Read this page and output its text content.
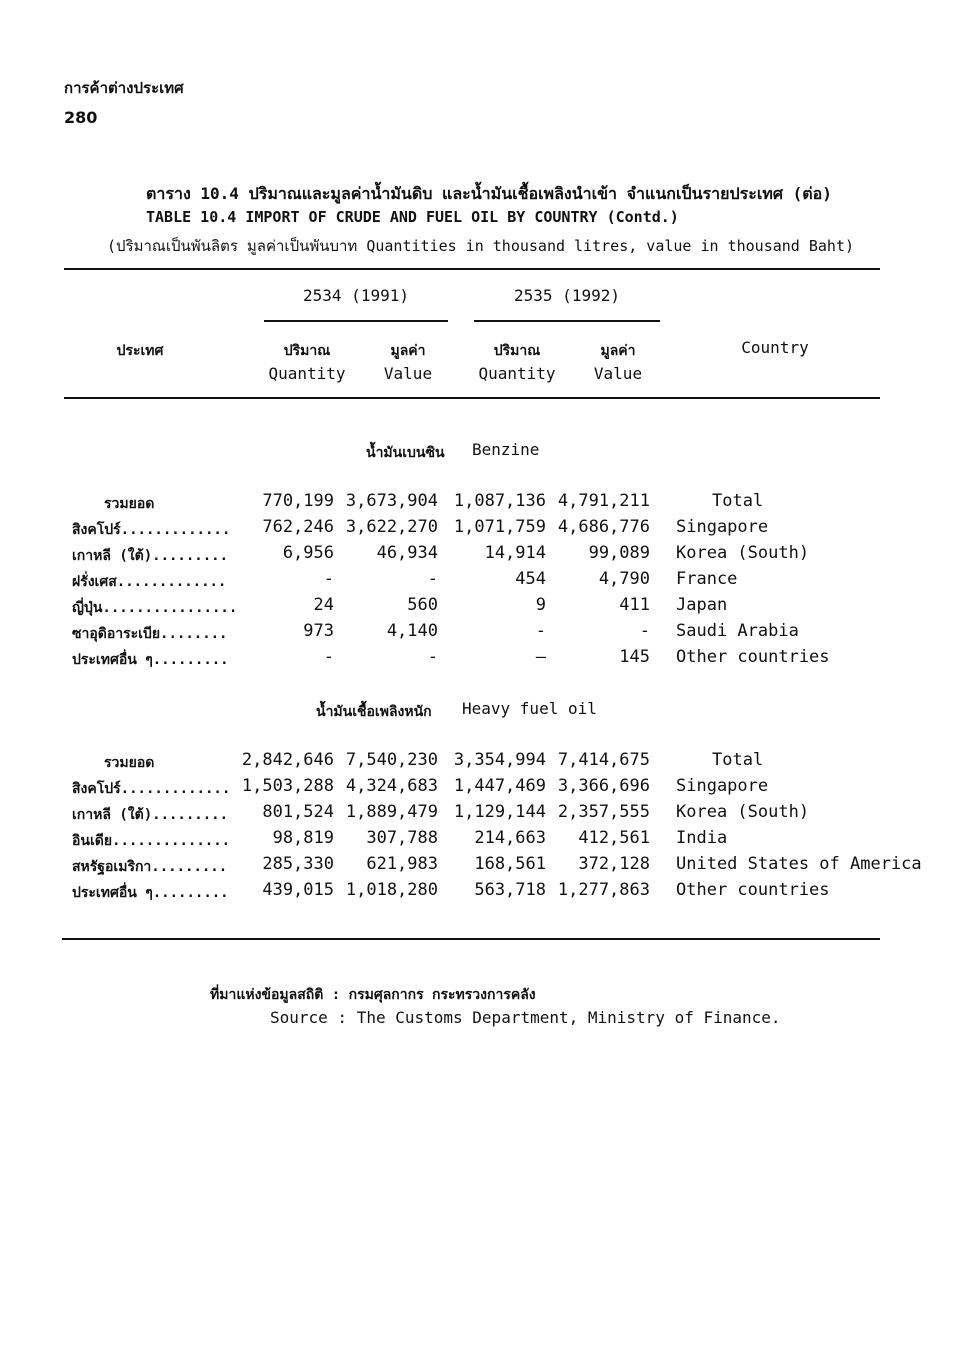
การค้าต่างประเทศ
280
ตาราง 10.4 ปริมาณและมูลค่าน้ำมันดิบ และน้ำมันเชื้อเพลิงนำเข้า จำแนกเป็นรายประเทศ (ต่อ)
TABLE 10.4 IMPORT OF CRUDE AND FUEL OIL BY COUNTRY (Contd.)
(ปริมาณเป็นพันลิตร มูลค่าเป็นพันบาท Quantities in thousand litres, value in thousand Baht)
2534 (1991)	2535 (1992)
ประเทศ	Country
ปริมาณ
Quantity
มูลค่า
Value
ปริมาณ
Quantity
มูลค่า
Value
น้ำมันเบนซิน Benzine
รวมยอด	770,199 3,673,904 1,087,136 4,791,211	Total
สิงคโปร์.............	762,246 3,622,270 1,071,759 4,686,776 Singapore
เกาหลี (ใต้).........	6,956	46,934	14,914	99,089 Korea (South)
ฝรั่งเศส.............	-	-	454	4,790 France
ญี่ปุ่น................	24	560	9	411 Japan
ซาอุดิอาระเบีย........	973	4,140	-	- Saudi Arabia
ประเทศอื่น ๆ.........	-	-	—	145 Other countries
น้ำมันเชื้อเพลิงหนัก Heavy fuel oil
รวมยอด	2,842,646 7,540,230 3,354,994 7,414,675	Total
สิงคโปร์............. 1,503,288 4,324,683 1,447,469 3,366,696 Singapore
เกาหลี (ใต้).........	801,524 1,889,479 1,129,144 2,357,555 Korea (South)
อินเดีย..............	98,819	307,788	214,663	412,561 India
สหรัฐอเมริกา.........	285,330	621,983	168,561	372,128 United States of America
ประเทศอื่น ๆ.........	439,015 1,018,280	563,718 1,277,863 Other countries
ที่มาแห่งข้อมูลสถิติ : กรมศุลกากร กระทรวงการคลัง
Source : The Customs Department, Ministry of Finance.
